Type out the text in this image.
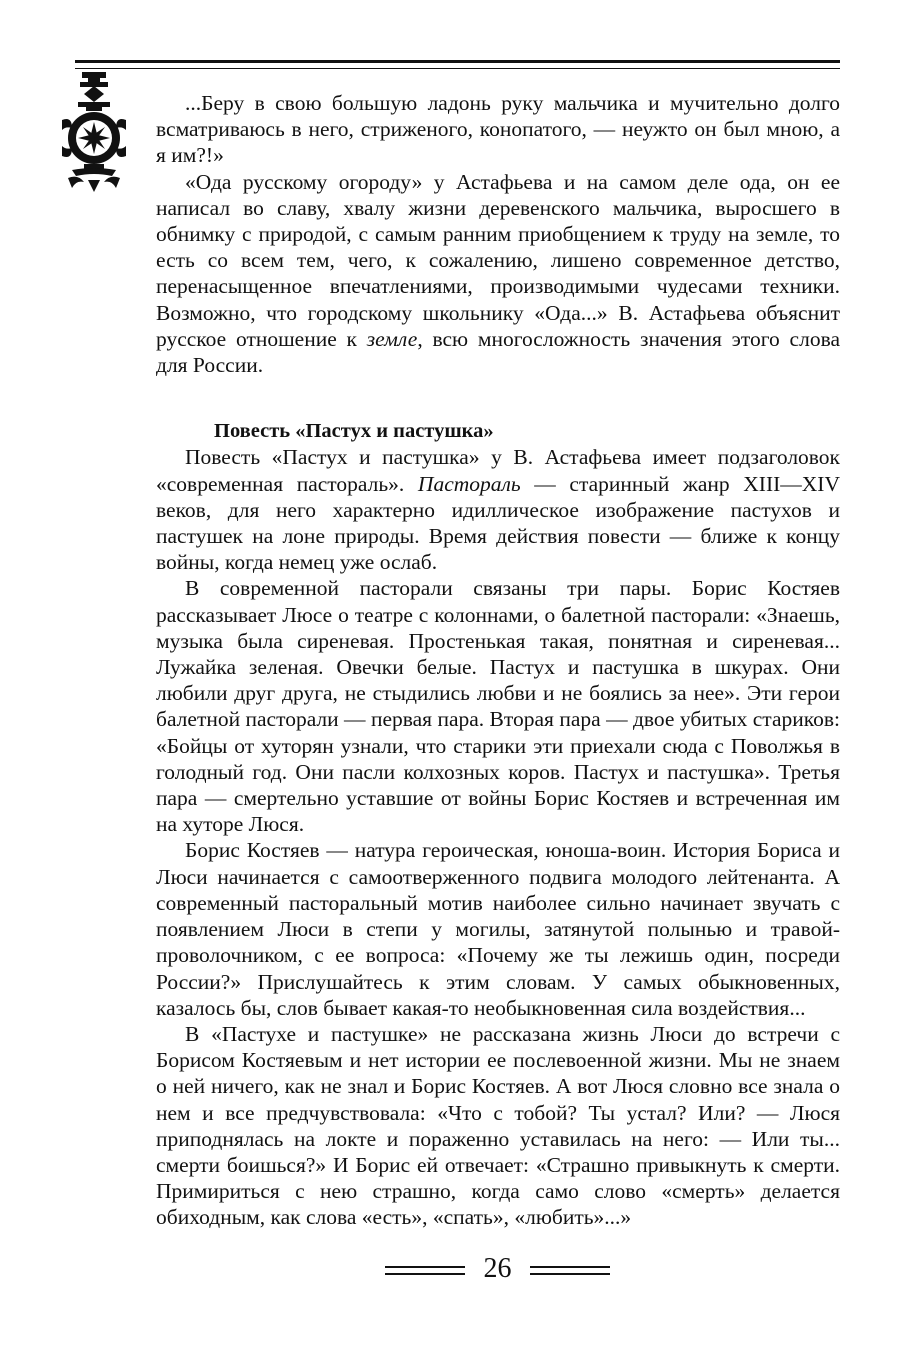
...Беру в свою большую ладонь руку мальчика и мучительно долго всматриваюсь в него, стриженого, конопатого, — неужто он был мною, а я им?!»

«Ода русскому огороду» у Астафьева и на самом деле ода, он ее написал во славу, хвалу жизни деревенского мальчика, выросшего в обнимку с природой, с самым ранним приобщением к труду на земле, то есть со всем тем, чего, к сожалению, лишено современное детство, перенасыщенное впечатлениями, производимыми чудесами техники. Возможно, что городскому школьнику «Ода...» В. Астафьева объяснит русское отношение к земле, всю многосложность значения этого слова для России.

Повесть «Пастух и пастушка»

Повесть «Пастух и пастушка» у В. Астафьева имеет подзаголовок «современная пастораль». Пастораль — старинный жанр XIII—XIV веков, для него характерно идиллическое изображение пастухов и пастушек на лоне природы. Время действия повести — ближе к концу войны, когда немец уже ослаб.

В современной пасторали связаны три пары. Борис Костяев рассказывает Люсе о театре с колоннами, о балетной пасторали: «Знаешь, музыка была сиреневая. Простенькая такая, понятная и сиреневая... Лужайка зеленая. Овечки белые. Пастух и пастушка в шкурах. Они любили друг друга, не стыдились любви и не боялись за нее». Эти герои балетной пасторали — первая пара. Вторая пара — двое убитых стариков: «Бойцы от хуторян узнали, что старики эти приехали сюда с Поволжья в голодный год. Они пасли колхозных коров. Пастух и пастушка». Третья пара — смертельно уставшие от войны Борис Костяев и встреченная им на хуторе Люся.

Борис Костяев — натура героическая, юноша-воин. История Бориса и Люси начинается с самоотверженного подвига молодого лейтенанта. А современный пасторальный мотив наиболее сильно начинает звучать с появлением Люси в степи у могилы, затянутой полынью и травой-проволочником, с ее вопроса: «Почему же ты лежишь один, посреди России?» Прислушайтесь к этим словам. У самых обыкновенных, казалось бы, слов бывает какая-то необыкновенная сила воздействия...

В «Пастухе и пастушке» не рассказана жизнь Люси до встречи с Борисом Костяевым и нет истории ее послевоенной жизни. Мы не знаем о ней ничего, как не знал и Борис Костяев. А вот Люся словно все знала о нем и все предчувствовала: «Что с тобой? Ты устал? Или? — Люся приподнялась на локте и пораженно уставилась на него: — Или ты... смерти боишься?» И Борис ей отвечает: «Страшно привыкнуть к смерти. Примириться с нею страшно, когда само слово «смерть» делается обиходным, как слова «есть», «спать», «любить»...»

26
